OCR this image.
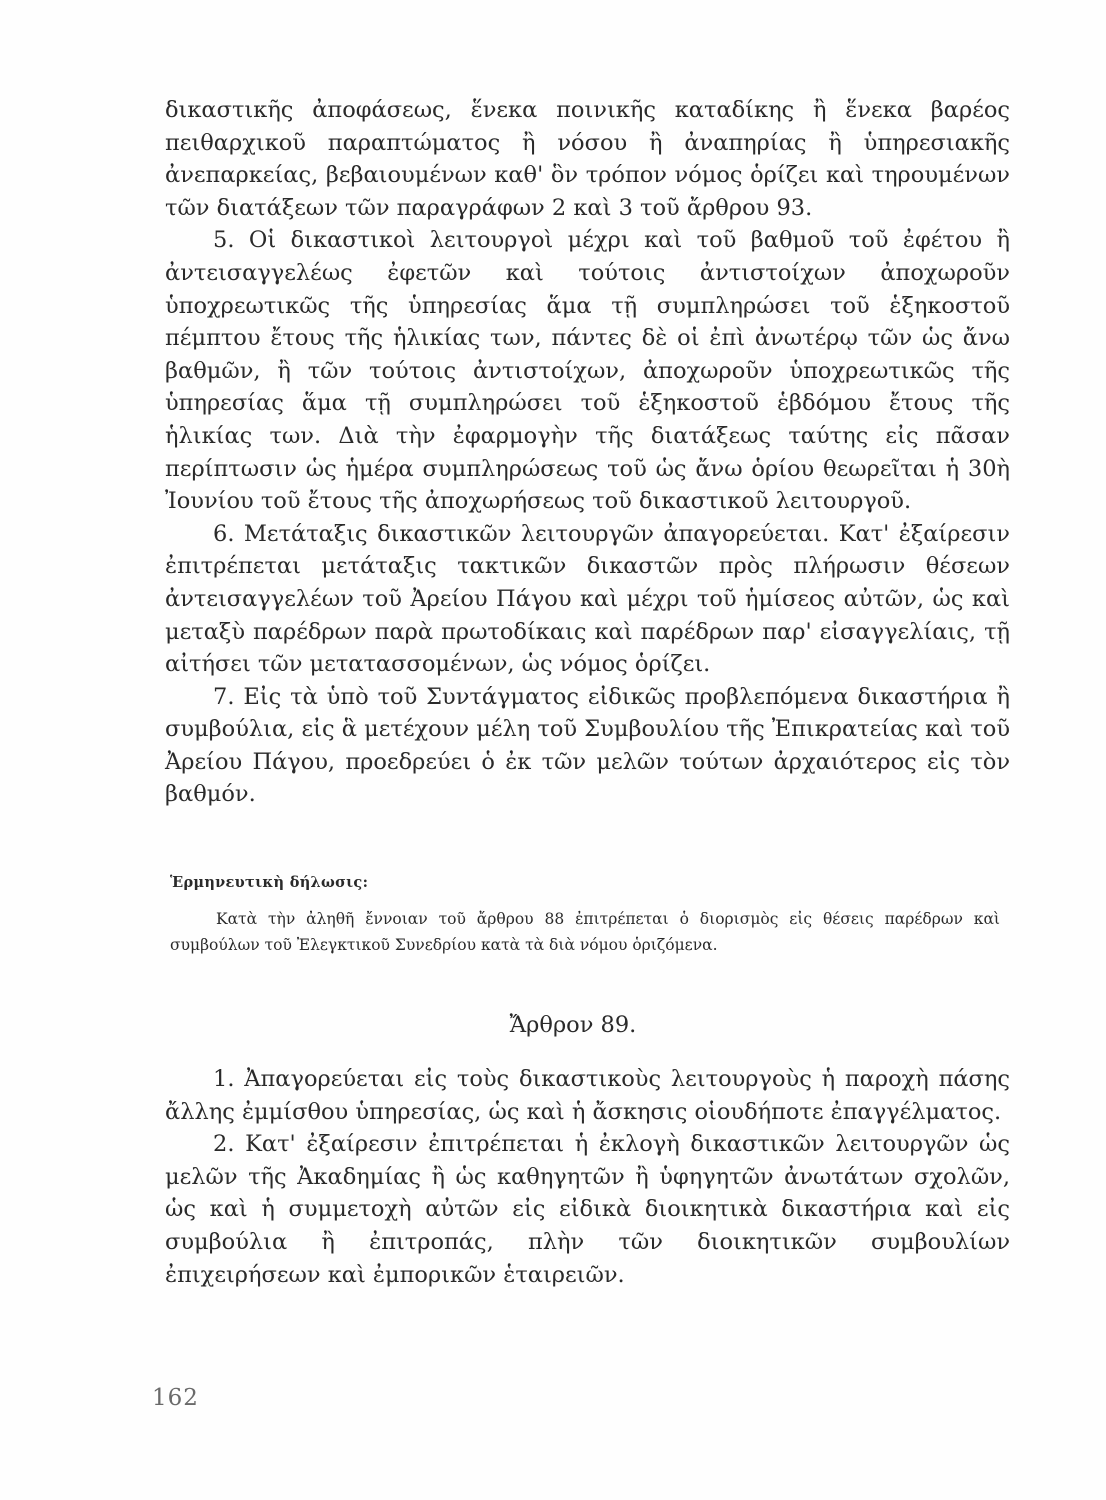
δικαστικῆς ἀποφάσεως, ἕνεκα ποινικῆς καταδίκης ἢ ἕνεκα βαρέος πειθαρχικοῦ παραπτώματος ἢ νόσου ἢ ἀναπηρίας ἢ ὑπηρεσιακῆς ἀνεπαρκείας, βεβαιουμένων καθ' ὃν τρόπον νόμος ὁρίζει καὶ τηρουμένων τῶν διατάξεων τῶν παραγράφων 2 καὶ 3 τοῦ ἄρθρου 93.

5. Οἱ δικαστικοὶ λειτουργοὶ μέχρι καὶ τοῦ βαθμοῦ τοῦ ἐφέτου ἢ ἀντεισαγγελέως ἐφετῶν καὶ τούτοις ἀντιστοίχων ἀποχωροῦν ὑποχρεωτικῶς τῆς ὑπηρεσίας ἅμα τῇ συμπληρώσει τοῦ ἑξηκοστοῦ πέμπτου ἔτους τῆς ἡλικίας των, πάντες δὲ οἱ ἐπὶ ἀνωτέρῳ τῶν ὡς ἄνω βαθμῶν, ἢ τῶν τούτοις ἀντιστοίχων, ἀποχωροῦν ὑποχρεωτικῶς τῆς ὑπηρεσίας ἅμα τῇ συμπληρώσει τοῦ ἑξηκοστοῦ ἑβδόμου ἔτους τῆς ἡλικίας των. Διὰ τὴν ἐφαρμογὴν τῆς διατάξεως ταύτης εἰς πᾶσαν περίπτωσιν ὡς ἡμέρα συμπληρώσεως τοῦ ὡς ἄνω ὁρίου θεωρεῖται ἡ 30ὴ Ἰουνίου τοῦ ἔτους τῆς ἀποχωρήσεως τοῦ δικαστικοῦ λειτουργοῦ.

6. Μετάταξις δικαστικῶν λειτουργῶν ἀπαγορεύεται. Κατ' ἐξαίρεσιν ἐπιτρέπεται μετάταξις τακτικῶν δικαστῶν πρὸς πλήρωσιν θέσεων ἀντεισαγγελέων τοῦ Ἀρείου Πάγου καὶ μέχρι τοῦ ἡμίσεος αὐτῶν, ὡς καὶ μεταξὺ παρέδρων παρὰ πρωτοδίκαις καὶ παρέδρων παρ' εἰσαγγελίαις, τῇ αἰτήσει τῶν μετατασσομένων, ὡς νόμος ὁρίζει.

7. Εἰς τὰ ὑπὸ τοῦ Συντάγματος εἰδικῶς προβλεπόμενα δικαστήρια ἢ συμβούλια, εἰς ἃ μετέχουν μέλη τοῦ Συμβουλίου τῆς Ἐπικρατείας καὶ τοῦ Ἀρείου Πάγου, προεδρεύει ὁ ἐκ τῶν μελῶν τούτων ἀρχαιότερος εἰς τὸν βαθμόν.

Ἑρμηνευτικὴ δήλωσις:

Κατὰ τὴν ἀληθῆ ἔννοιαν τοῦ ἄρθρου 88 ἐπιτρέπεται ὁ διορισμὸς εἰς θέσεις παρέδρων καὶ συμβούλων τοῦ Ἐλεγκτικοῦ Συνεδρίου κατὰ τὰ διὰ νόμου ὁριζόμενα.

Ἄρθρον 89.

1. Ἀπαγορεύεται εἰς τοὺς δικαστικοὺς λειτουργοὺς ἡ παροχὴ πάσης ἄλλης ἐμμίσθου ὑπηρεσίας, ὡς καὶ ἡ ἄσκησις οἱουδήποτε ἐπαγγέλματος.

2. Κατ' ἐξαίρεσιν ἐπιτρέπεται ἡ ἐκλογὴ δικαστικῶν λειτουργῶν ὡς μελῶν τῆς Ἀκαδημίας ἢ ὡς καθηγητῶν ἢ ὑφηγητῶν ἀνωτάτων σχολῶν, ὡς καὶ ἡ συμμετοχὴ αὐτῶν εἰς εἰδικὰ διοικητικὰ δικαστήρια καὶ εἰς συμβούλια ἢ ἐπιτροπάς, πλὴν τῶν διοικητικῶν συμβουλίων ἐπιχειρήσεων καὶ ἐμπορικῶν ἑταιρειῶν.

162
